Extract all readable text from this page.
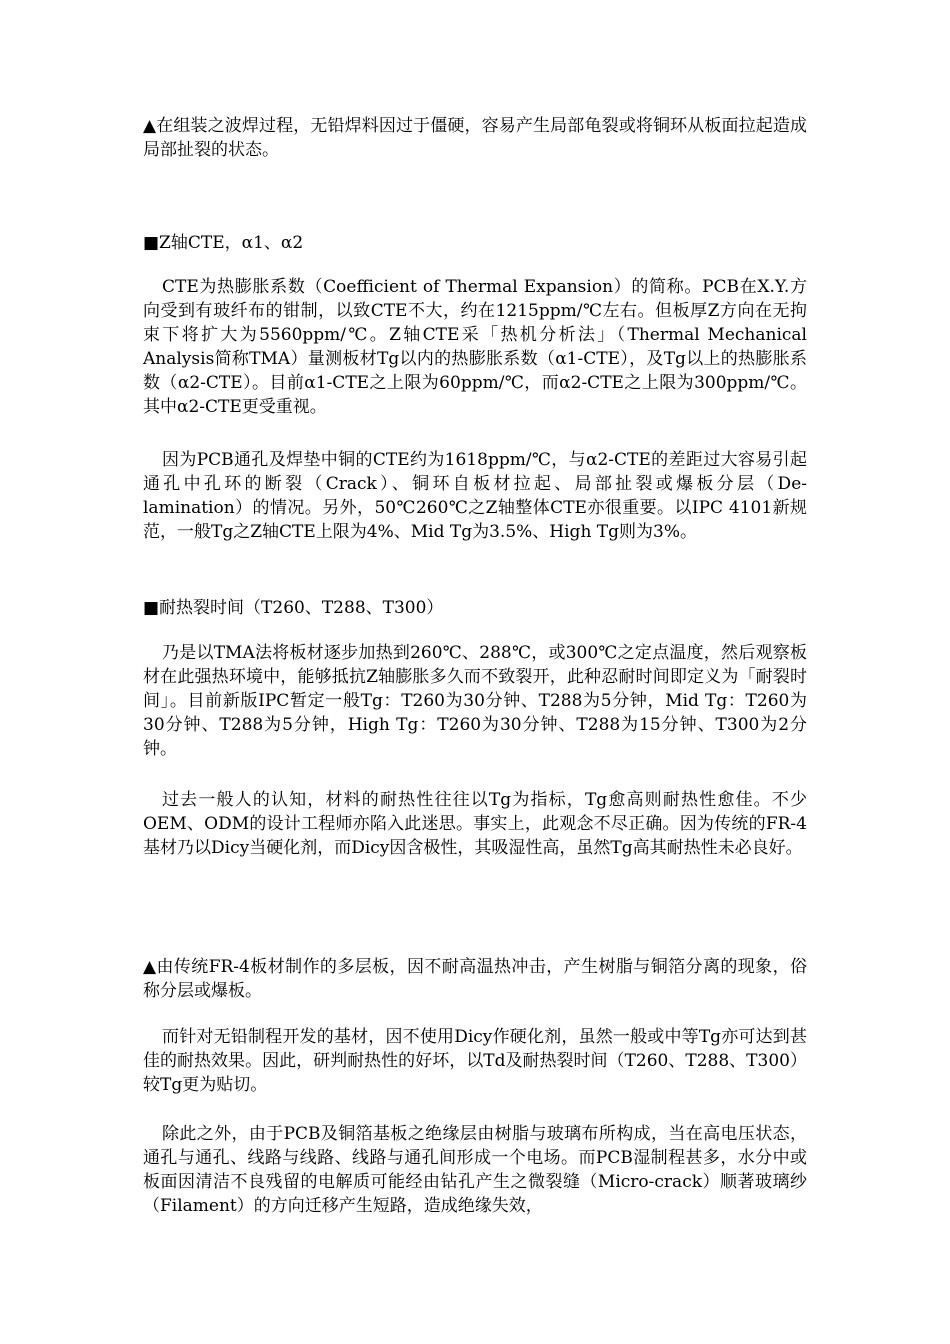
▲在组装之波焊过程，无铅焊料因过于僵硬，容易产生局部龟裂或将铜环从板面拉起造成局部扯裂的状态。

■Z轴CTE，α1、α2

CTE为热膨胀系数（Coefficient of Thermal Expansion）的简称。PCB在X.Y.方向受到有玻纤布的钳制，以致CTE不大，约在1215ppm/℃左右。但板厚Z方向在无拘束下将扩大为5560ppm/℃。Z轴CTE采「热机分析法」（Thermal Mechanical Analysis简称TMA）量测板材Tg以内的热膨胀系数（α1-CTE），及Tg以上的热膨胀系数（α2-CTE）。目前α1-CTE之上限为60ppm/℃，而α2-CTE之上限为300ppm/℃。其中α2-CTE更受重视。

因为PCB通孔及焊垫中铜的CTE约为1618ppm/℃，与α2-CTE的差距过大容易引起通孔中孔环的断裂（Crack）、铜环自板材拉起、局部扯裂或爆板分层（De-lamination）的情况。另外，50℃260℃之Z轴整体CTE亦很重要。以IPC 4101新规范，一般Tg之Z轴CTE上限为4%、Mid Tg为3.5%、High Tg则为3%。

■耐热裂时间（T260、T288、T300）

乃是以TMA法将板材逐步加热到260℃、288℃，或300℃之定点温度，然后观察板材在此强热环境中，能够抵抗Z轴膨胀多久而不致裂开，此种忍耐时间即定义为「耐裂时间」。目前新版IPC暂定一般Tg：T260为30分钟、T288为5分钟，Mid Tg：T260为30分钟、T288为5分钟，High Tg：T260为30分钟、T288为15分钟、T300为2分钟。

过去一般人的认知，材料的耐热性往往以Tg为指标，Tg愈高则耐热性愈佳。不少OEM、ODM的设计工程师亦陷入此迷思。事实上，此观念不尽正确。因为传统的FR-4基材乃以Dicy当硬化剂，而Dicy因含极性，其吸湿性高，虽然Tg高其耐热性未必良好。

▲由传统FR-4板材制作的多层板，因不耐高温热冲击，产生树脂与铜箔分离的现象，俗称分层或爆板。

而针对无铅制程开发的基材，因不使用Dicy作硬化剂，虽然一般或中等Tg亦可达到甚佳的耐热效果。因此，研判耐热性的好坏，以Td及耐热裂时间（T260、T288、T300）较Tg更为贴切。

除此之外，由于PCB及铜箔基板之绝缘层由树脂与玻璃布所构成，当在高电压状态，通孔与通孔、线路与线路、线路与通孔间形成一个电场。而PCB湿制程甚多，水分中或板面因清洁不良残留的电解质可能经由钻孔产生之微裂缝（Micro-crack）顺著玻璃纱（Filament）的方向迁移产生短路，造成绝缘失效，
